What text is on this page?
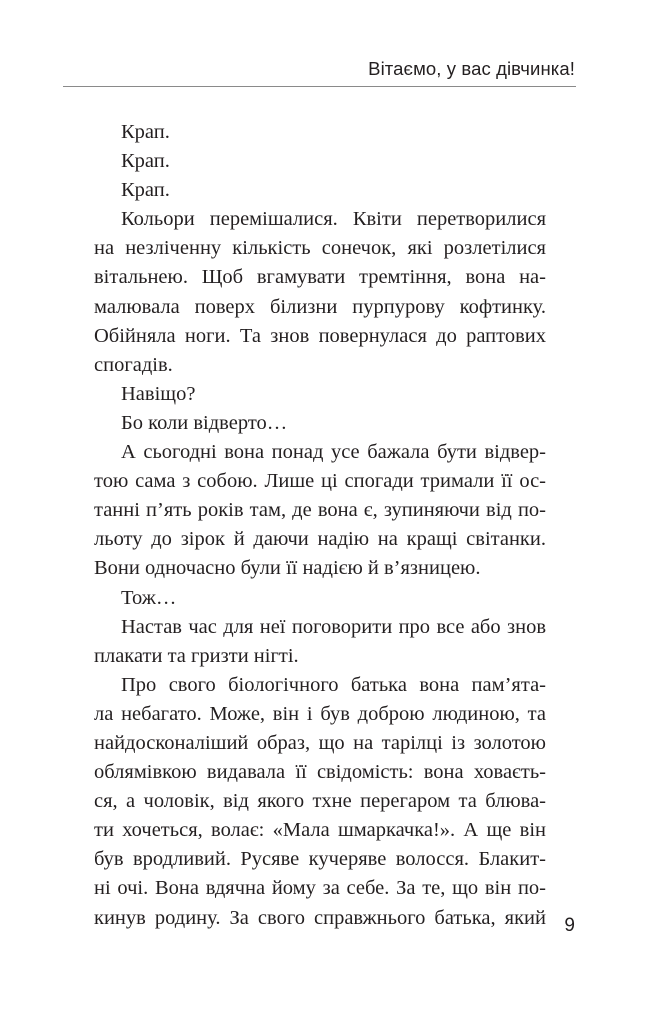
Вітаємо, у вас дівчинка!
Крап.
Крап.
Крап.
Кольори перемішалися. Квіти перетворилися
на незліченну кількість сонечок, які розлетілися
вітальнею. Щоб вгамувати тремтіння, вона на-
малювала поверх білизни пурпурову кофтинку.
Обійняла ноги. Та знов повернулася до раптових
спогадів.
Навіщо?
Бо коли відверто…
А сьогодні вона понад усе бажала бути відвер-
тою сама з собою. Лише ці спогади тримали її ос-
танні п’ять років там, де вона є, зупиняючи від по-
льоту до зірок й даючи надію на кращі світанки.
Вони одночасно були її надією й в’язницею.
Тож…
Настав час для неї поговорити про все або знов
плакати та гризти нігті.
Про свого біологічного батька вона пам’ята-
ла небагато. Може, він і був доброю людиною, та
найдосконаліший образ, що на тарілці із золотою
облямівкою видавала її свідомість: вона ховаєть-
ся, а чоловік, від якого тхне перегаром та блюва-
ти хочеться, волає: «Мала шмаркачка!». А ще він
був вродливий. Русяве кучеряве волосся. Блакит-
ні очі. Вона вдячна йому за себе. За те, що він по-
кинув родину. За свого справжнього батька, який 9
